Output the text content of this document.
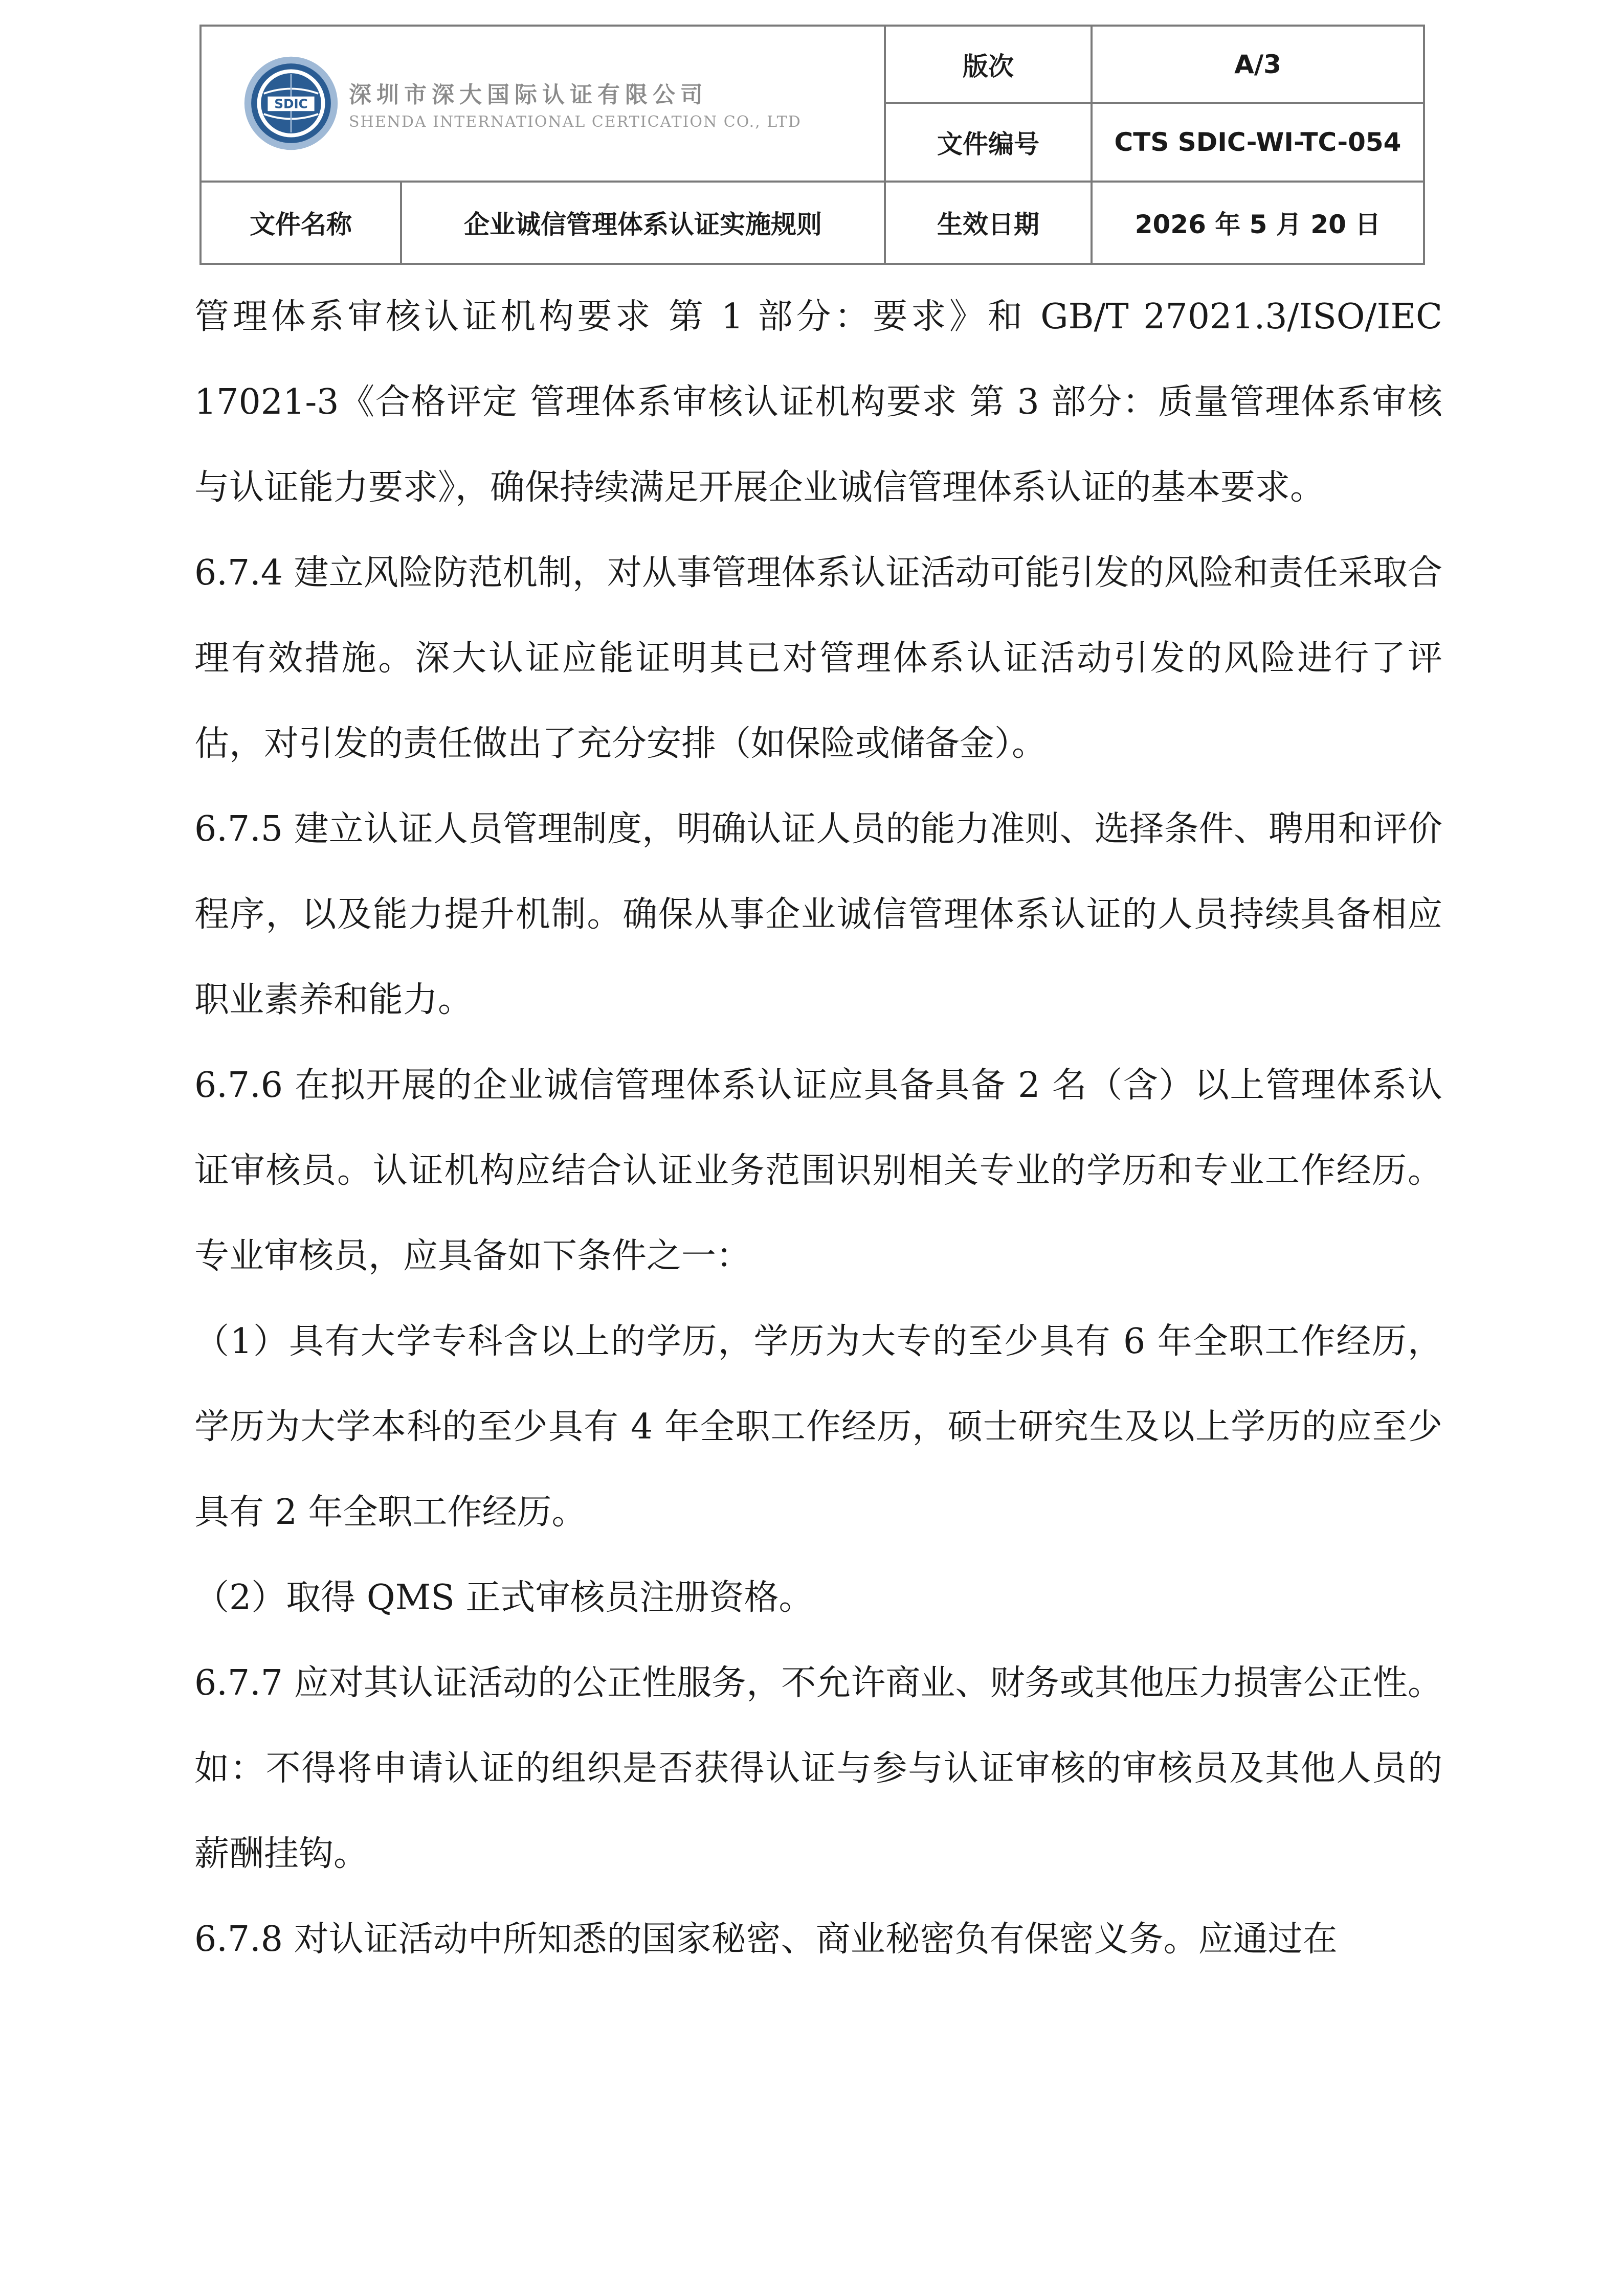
SDIC 深圳市深大国际认证有限公司
SHENDA INTERNATIONAL CERTICATION CO., LTD		版次	A/3
		文件编号	CTS SDIC-WI-TC-054
文件名称	企业诚信管理体系认证实施规则	生效日期	2026 年 5 月 20 日

管理体系审核认证机构要求 第 1 部分：要求》和 GB/T 27021.3/ISO/IEC 17021-3《合格评定 管理体系审核认证机构要求 第 3 部分：质量管理体系审核与认证能力要求》，确保持续满足开展企业诚信管理体系认证的基本要求。

6.7.4 建立风险防范机制，对从事管理体系认证活动可能引发的风险和责任采取合理有效措施。深大认证应能证明其已对管理体系认证活动引发的风险进行了评估，对引发的责任做出了充分安排（如保险或储备金）。

6.7.5 建立认证人员管理制度，明确认证人员的能力准则、选择条件、聘用和评价程序，以及能力提升机制。确保从事企业诚信管理体系认证的人员持续具备相应职业素养和能力。

6.7.6 在拟开展的企业诚信管理体系认证应具备具备 2 名（含）以上管理体系认证审核员。认证机构应结合认证业务范围识别相关专业的学历和专业工作经历。专业审核员，应具备如下条件之一：

（1）具有大学专科含以上的学历，学历为大专的至少具有 6 年全职工作经历，学历为大学本科的至少具有 4 年全职工作经历，硕士研究生及以上学历的应至少具有 2 年全职工作经历。

（2）取得 QMS 正式审核员注册资格。

6.7.7 应对其认证活动的公正性服务，不允许商业、财务或其他压力损害公正性。如：不得将申请认证的组织是否获得认证与参与认证审核的审核员及其他人员的薪酬挂钩。

6.7.8 对认证活动中所知悉的国家秘密、商业秘密负有保密义务。应通过在
